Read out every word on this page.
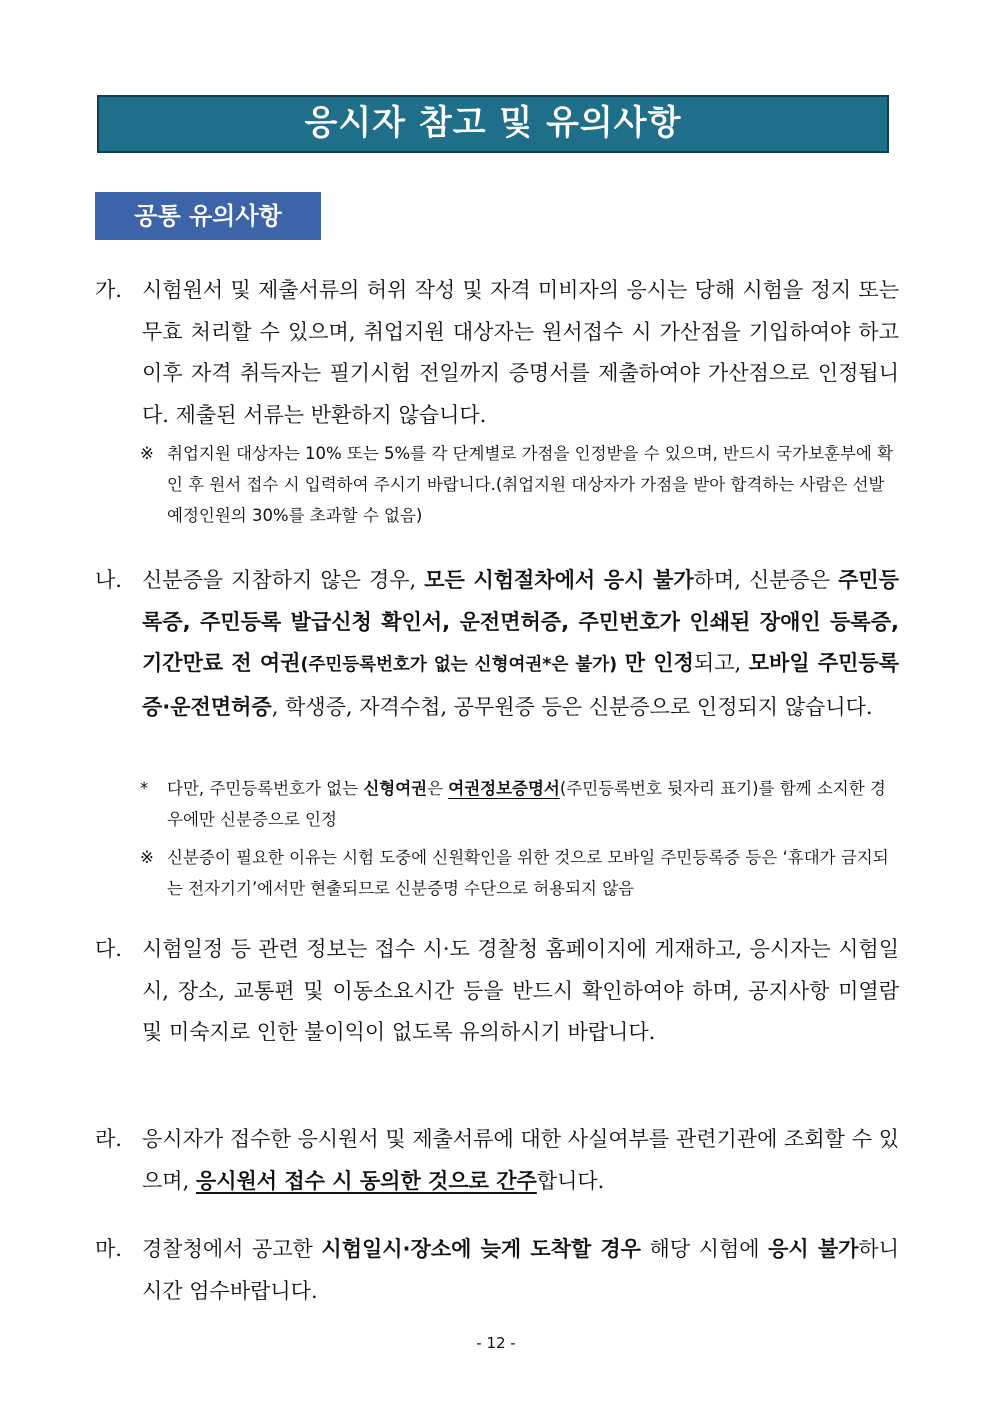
응시자 참고 및 유의사항
공통 유의사항
가. 시험원서 및 제출서류의 허위 작성 및 자격 미비자의 응시는 당해 시험을 정지 또는 무효 처리할 수 있으며, 취업지원 대상자는 원서접수 시 가산점을 기입하여야 하고 이후 자격 취득자는 필기시험 전일까지 증명서를 제출하여야 가산점으로 인정됩니다. 제출된 서류는 반환하지 않습니다.
※ 취업지원 대상자는 10% 또는 5%를 각 단계별로 가점을 인정받을 수 있으며, 반드시 국가보훈부에 확인 후 원서 접수 시 입력하여 주시기 바랍니다.(취업지원 대상자가 가점을 받아 합격하는 사람은 선발예정인원의 30%를 초과할 수 없음)
나. 신분증을 지참하지 않은 경우, 모든 시험절차에서 응시 불가하며, 신분증은 주민등록증, 주민등록 발급신청 확인서, 운전면허증, 주민번호가 인쇄된 장애인 등록증, 기간만료 전 여권(주민등록번호가 없는 신형여권*은 불가) 만 인정되고, 모바일 주민등록증·운전면허증, 학생증, 자격수첩, 공무원증 등은 신분증으로 인정되지 않습니다.
* 다만, 주민등록번호가 없는 신형여권은 여권정보증명서(주민등록번호 뒷자리 표기)를 함께 소지한 경우에만 신분증으로 인정
※ 신분증이 필요한 이유는 시험 도중에 신원확인을 위한 것으로 모바일 주민등록증 등은 ‘휴대가 금지되는 전자기기’에서만 현출되므로 신분증명 수단으로 허용되지 않음
다. 시험일정 등 관련 정보는 접수 시·도 경찰청 홈페이지에 게재하고, 응시자는 시험일시, 장소, 교통편 및 이동소요시간 등을 반드시 확인하여야 하며, 공지사항 미열람 및 미숙지로 인한 불이익이 없도록 유의하시기 바랍니다.
라. 응시자가 접수한 응시원서 및 제출서류에 대한 사실여부를 관련기관에 조회할 수 있으며, 응시원서 접수 시 동의한 것으로 간주합니다.
마. 경찰청에서 공고한 시험일시·장소에 늦게 도착할 경우 해당 시험에 응시 불가하니 시간 엄수바랍니다.
- 12 -
